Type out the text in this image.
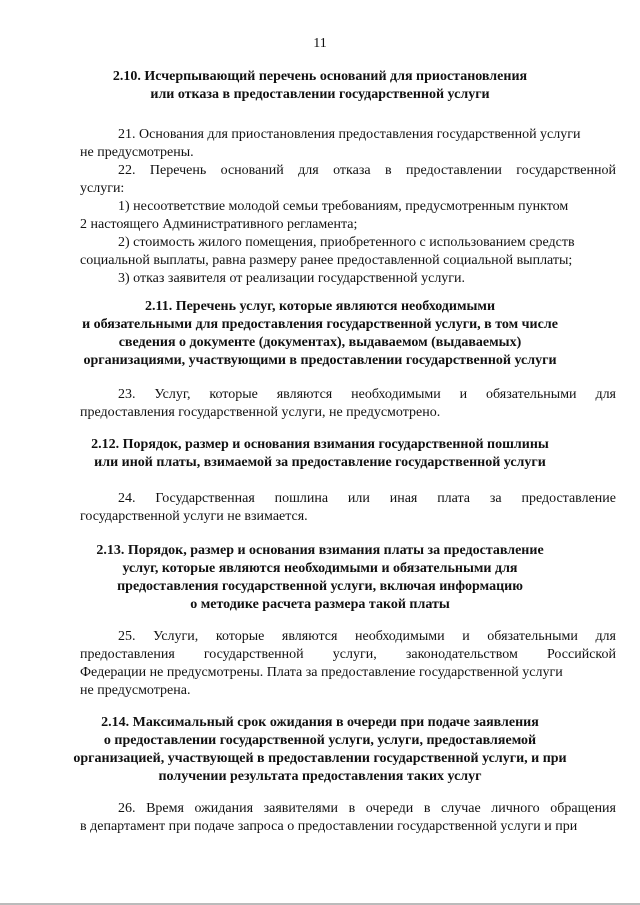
11
2.10. Исчерпывающий перечень оснований для приостановления
или отказа в предоставлении государственной услуги
21. Основания для приостановления предоставления государственной услуги
не предусмотрены.
22. Перечень оснований для отказа в предоставлении государственной
услуги:
1) несоответствие молодой семьи требованиям, предусмотренным пунктом
2 настоящего Административного регламента;
2) стоимость жилого помещения, приобретенного с использованием средств
социальной выплаты, равна размеру ранее предоставленной социальной выплаты;
3) отказ заявителя от реализации государственной услуги.
2.11. Перечень услуг, которые являются необходимыми
и обязательными для предоставления государственной услуги, в том числе
сведения о документе (документах), выдаваемом (выдаваемых)
организациями, участвующими в предоставлении государственной услуги
23. Услуг, которые являются необходимыми и обязательными для
предоставления государственной услуги, не предусмотрено.
2.12. Порядок, размер и основания взимания государственной пошлины
или иной платы, взимаемой за предоставление государственной услуги
24. Государственная пошлина или иная плата за предоставление
государственной услуги не взимается.
2.13. Порядок, размер и основания взимания платы за предоставление
услуг, которые являются необходимыми и обязательными для
предоставления государственной услуги, включая информацию
о методике расчета размера такой платы
25. Услуги, которые являются необходимыми и обязательными для
предоставления государственной услуги, законодательством Российской
Федерации не предусмотрены. Плата за предоставление государственной услуги
не предусмотрена.
2.14. Максимальный срок ожидания в очереди при подаче заявления
о предоставлении государственной услуги, услуги, предоставляемой
организацией, участвующей в предоставлении государственной услуги, и при
получении результата предоставления таких услуг
26. Время ожидания заявителями в очереди в случае личного обращения
в департамент при подаче запроса о предоставлении государственной услуги и при
